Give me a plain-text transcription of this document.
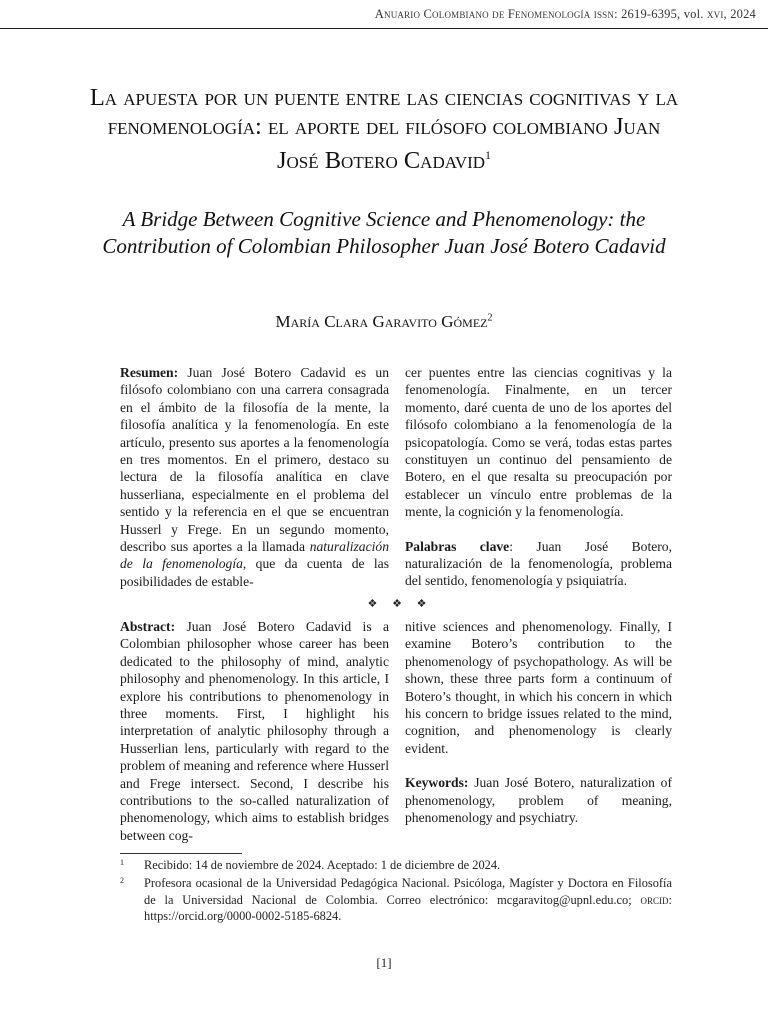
Anuario Colombiano de Fenomenología issn: 2619-6395, vol. xvi, 2024
La apuesta por un puente entre las ciencias cognitivas y la fenomenología: el aporte del filósofo colombiano Juan José Botero Cadavid$^1$
A Bridge Between Cognitive Science and Phenomenology: the Contribution of Colombian Philosopher Juan José Botero Cadavid
María Clara Garavito Gómez$^2$

Resumen: Juan José Botero Cadavid es un filósofo colombiano con una carrera consagrada en el ámbito de la filosofía de la mente, la filosofía analítica y la fenomenología. En este artículo, presento sus aportes a la fenomenología en tres momentos. En el primero, destaco su lectura de la filosofía analítica en clave husserliana, especialmente en el problema del sentido y la referencia en el que se encuentran Husserl y Frege. En un segundo momento, describo sus aportes a la llamada naturalización de la fenomenología, que da cuenta de las posibilidades de estable-

cer puentes entre las ciencias cognitivas y la fenomenología. Finalmente, en un tercer momento, daré cuenta de uno de los aportes del filósofo colombiano a la fenomenología de la psicopatología. Como se verá, todas estas partes constituyen un continuo del pensamiento de Botero, en el que resalta su preocupación por establecer un vínculo entre problemas de la mente, la cognición y la fenomenología.

Palabras clave: Juan José Botero, naturalización de la fenomenología, problema del sentido, fenomenología y psiquiatría.

❖ ❖ ❖

Abstract: Juan José Botero Cadavid is a Colombian philosopher whose career has been dedicated to the philosophy of mind, analytic philosophy and phenomenology. In this article, I explore his contributions to phenomenology in three moments. First, I highlight his interpretation of analytic philosophy through a Husserlian lens, particularly with regard to the problem of meaning and reference where Husserl and Frege intersect. Second, I describe his contributions to the so-called naturalization of phenomenology, which aims to establish bridges between cog-

nitive sciences and phenomenology. Finally, I examine Botero’s contribution to the phenomenology of psychopathology. As will be shown, these three parts form a continuum of Botero’s thought, in which his concern in which his concern to bridge issues related to the mind, cognition, and phenomenology is clearly evident.

Keywords: Juan José Botero, naturalization of phenomenology, problem of meaning, phenomenology and psychiatry.

1 Recibido: 14 de noviembre de 2024. Aceptado: 1 de diciembre de 2024.
2 Profesora ocasional de la Universidad Pedagógica Nacional. Psicóloga, Magíster y Doctora en Filosofía de la Universidad Nacional de Colombia. Correo electrónico: mcgaravitog@upnl.edu.co; orcid: https://orcid.org/0000-0002-5185-6824.
[1]
